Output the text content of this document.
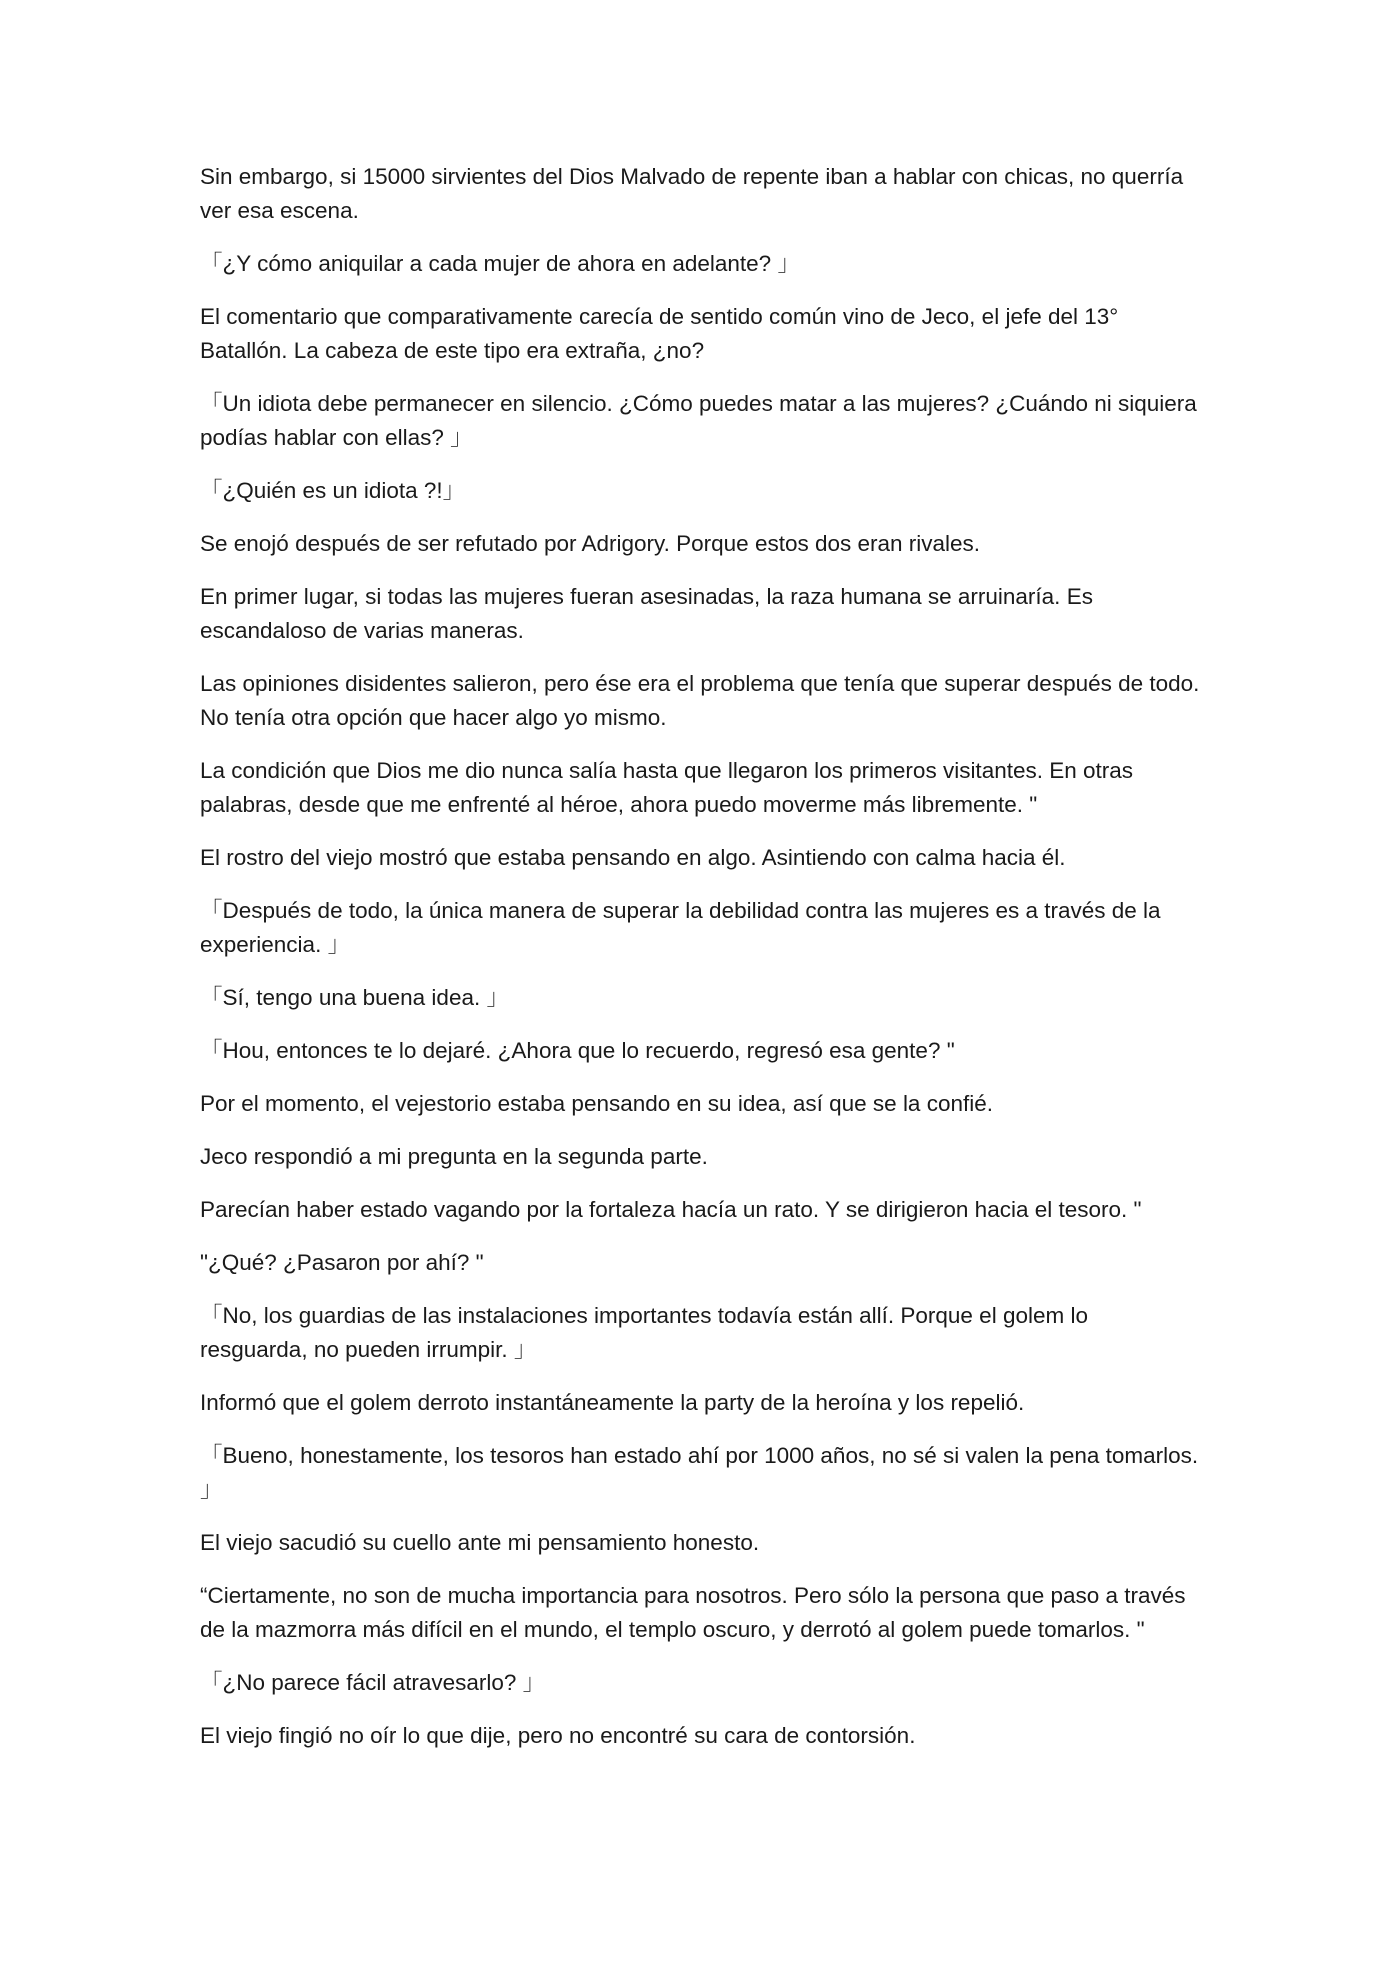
Sin embargo, si 15000 sirvientes del Dios Malvado de repente iban a hablar con chicas, no querría ver esa escena.

「¿Y cómo aniquilar a cada mujer de ahora en adelante? 」

El comentario que comparativamente carecía de sentido común vino de Jeco, el jefe del 13° Batallón. La cabeza de este tipo era extraña, ¿no?

「Un idiota debe permanecer en silencio. ¿Cómo puedes matar a las mujeres? ¿Cuándo ni siquiera podías hablar con ellas? 」

「¿Quién es un idiota ?!」

Se enojó después de ser refutado por Adrigory. Porque estos dos eran rivales.

En primer lugar, si todas las mujeres fueran asesinadas, la raza humana se arruinaría. Es escandaloso de varias maneras.

Las opiniones disidentes salieron, pero ése era el problema que tenía que superar después de todo. No tenía otra opción que hacer algo yo mismo.

La condición que Dios me dio nunca salía hasta que llegaron los primeros visitantes. En otras palabras, desde que me enfrenté al héroe, ahora puedo moverme más libremente. "

El rostro del viejo mostró que estaba pensando en algo. Asintiendo con calma hacia él.

「Después de todo, la única manera de superar la debilidad contra las mujeres es a través de la experiencia. 」

「Sí, tengo una buena idea. 」

「Hou, entonces te lo dejaré. ¿Ahora que lo recuerdo, regresó esa gente? "

Por el momento, el vejestorio estaba pensando en su idea, así que se la confié.

Jeco respondió a mi pregunta en la segunda parte.

Parecían haber estado vagando por la fortaleza hacía un rato. Y se dirigieron hacia el tesoro. "

"¿Qué? ¿Pasaron por ahí? "

「No, los guardias de las instalaciones importantes todavía están allí. Porque el golem lo resguarda, no pueden irrumpir. 」

Informó que el golem derroto instantáneamente la party de la heroína y los repelió.

「Bueno, honestamente, los tesoros han estado ahí por 1000 años, no sé si valen la pena tomarlos. 」

El viejo sacudió su cuello ante mi pensamiento honesto.

“Ciertamente, no son de mucha importancia para nosotros. Pero sólo la persona que paso a través de la mazmorra más difícil en el mundo, el templo oscuro, y derrotó al golem puede tomarlos. "

「¿No parece fácil atravesarlo? 」

El viejo fingió no oír lo que dije, pero no encontré su cara de contorsión.
